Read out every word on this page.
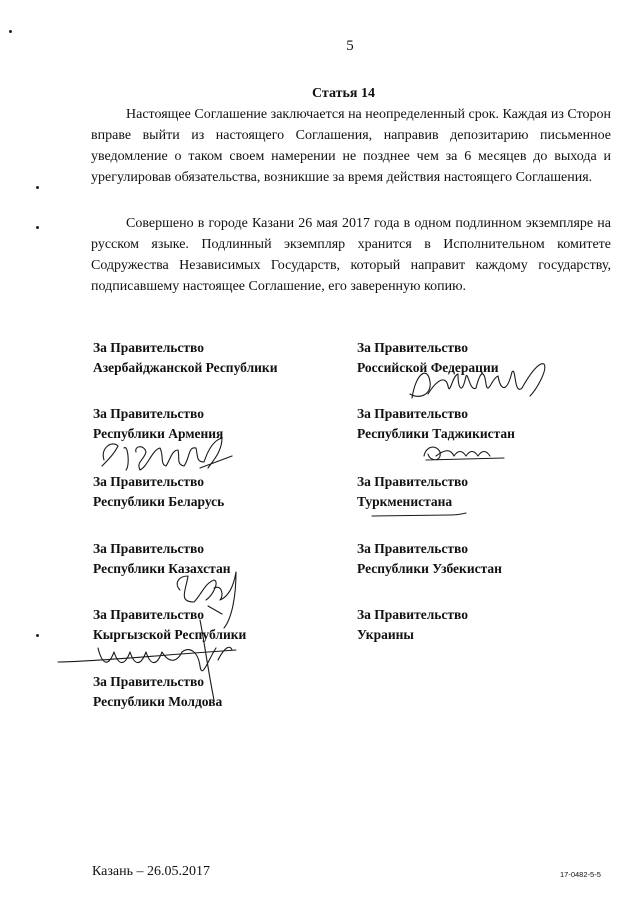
5
Статья 14
Настоящее Соглашение заключается на неопределенный срок. Каждая из Сторон вправе выйти из настоящего Соглашения, направив депозитарию письменное уведомление о таком своем намерении не позднее чем за 6 месяцев до выхода и урегулировав обязательства, возникшие за время действия настоящего Соглашения.
Совершено в городе Казани 26 мая 2017 года в одном подлинном экземпляре на русском языке. Подлинный экземпляр хранится в Исполнительном комитете Содружества Независимых Государств, который направит каждому государству, подписавшему настоящее Соглашение, его заверенную копию.
За Правительство
Азербайджанской Республики
За Правительство
Республики Армения
За Правительство
Республики Беларусь
За Правительство
Республики Казахстан
За Правительство
Кыргызской Республики
За Правительство
Республики Молдова
За Правительство
Российской Федерации
За Правительство
Республики Таджикистан
За Правительство
Туркменистана
За Правительство
Республики Узбекистан
За Правительство
Украины
Казань – 26.05.2017	17-0482-5-5
